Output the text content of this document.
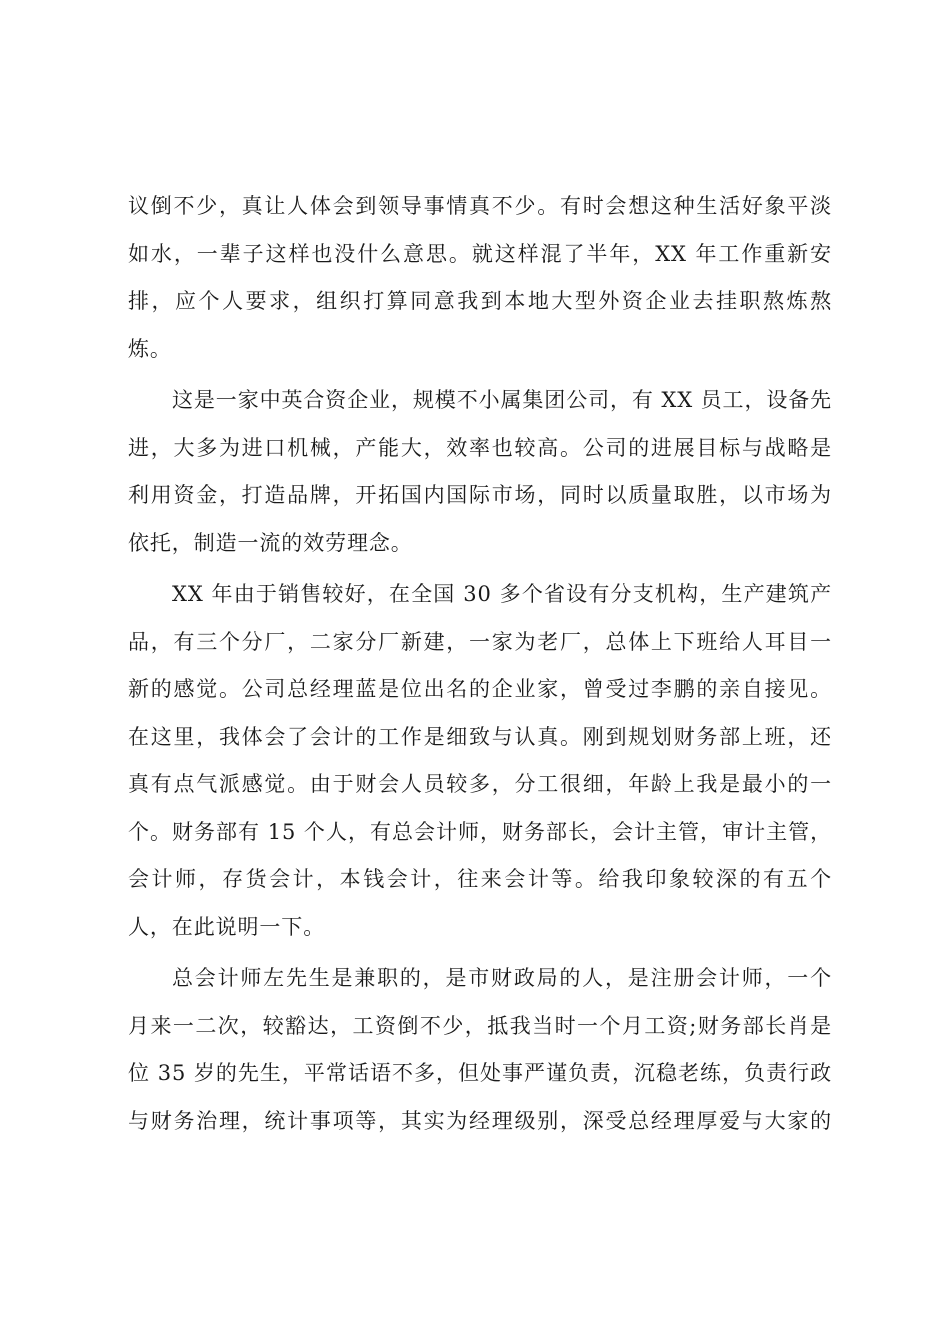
议倒不少，真让人体会到领导事情真不少。有时会想这种生活好象平淡
如水，一辈子这样也没什么意思。就这样混了半年，XX 年工作重新安
排，应个人要求，组织打算同意我到本地大型外资企业去挂职熬炼熬
炼。
这是一家中英合资企业，规模不小属集团公司，有 XX 员工，设备先
进，大多为进口机械，产能大，效率也较高。公司的进展目标与战略是
利用资金，打造品牌，开拓国内国际市场，同时以质量取胜，以市场为
依托，制造一流的效劳理念。
XX 年由于销售较好，在全国 30 多个省设有分支机构，生产建筑产
品，有三个分厂，二家分厂新建，一家为老厂，总体上下班给人耳目一
新的感觉。公司总经理蓝是位出名的企业家，曾受过李鹏的亲自接见。
在这里，我体会了会计的工作是细致与认真。刚到规划财务部上班，还
真有点气派感觉。由于财会人员较多，分工很细，年龄上我是最小的一
个。财务部有 15 个人，有总会计师，财务部长，会计主管，审计主管，
会计师，存货会计，本钱会计，往来会计等。给我印象较深的有五个
人，在此说明一下。
总会计师左先生是兼职的，是市财政局的人，是注册会计师，一个
月来一二次，较豁达，工资倒不少，抵我当时一个月工资;财务部长肖是
位 35 岁的先生，平常话语不多，但处事严谨负责，沉稳老练，负责行政
与财务治理，统计事项等，其实为经理级别，深受总经理厚爱与大家的
